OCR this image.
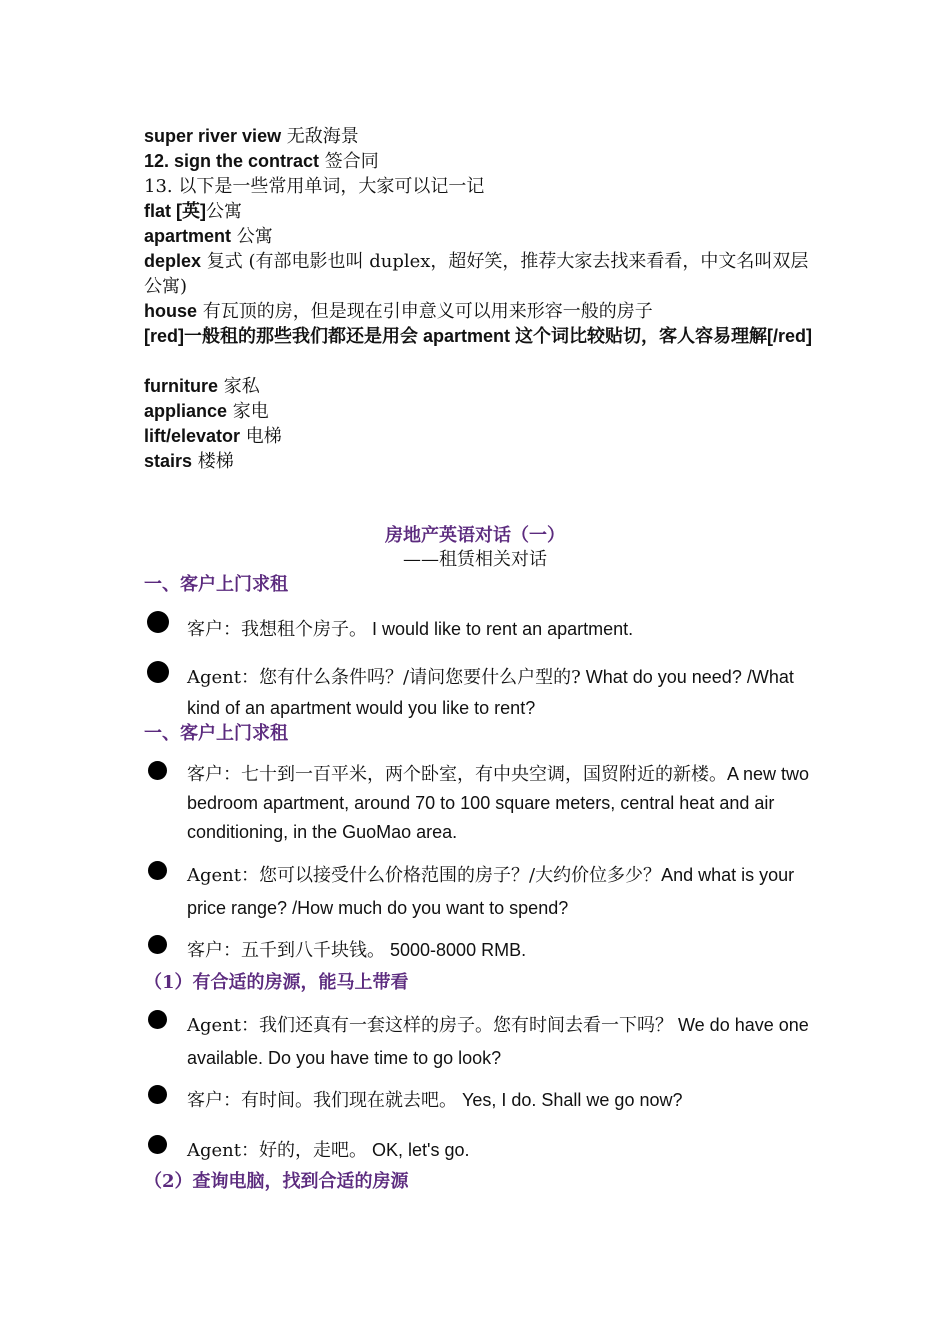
super river view 无敌海景
12. sign the contract 签合同
13. 以下是一些常用单词，大家可以记一记
flat [英]公寓
apartment 公寓
deplex 复式 (有部电影也叫 duplex，超好笑，推荐大家去找来看看，中文名叫双层公寓)
house 有瓦顶的房，但是现在引申意义可以用来形容一般的房子
[red]一般租的那些我们都还是用会 apartment 这个词比较贴切，客人容易理解[/red]
furniture 家私
appliance 家电
lift/elevator 电梯
stairs 楼梯
房地产英语对话（一）
——租赁相关对话
一、客户上门求租
客户：我想租个房子。 I would like to rent an apartment.
Agent：您有什么条件吗？/请问您要什么户型的? What do you need? /What kind of an apartment would you like to rent?
一、客户上门求租
客户：七十到一百平米，两个卧室，有中央空调，国贸附近的新楼。A new two bedroom apartment, around 70 to 100 square meters, central heat and air conditioning, in the GuoMao area.
Agent：您可以接受什么价格范围的房子？/大约价位多少？And what is your price range? /How much do you want to spend?
客户：五千到八千块钱。 5000-8000 RMB.
（1）有合适的房源，能马上带看
Agent：我们还真有一套这样的房子。您有时间去看一下吗？ We do have one available. Do you have time to go look?
客户：有时间。我们现在就去吧。 Yes, I do. Shall we go now?
Agent：好的，走吧。 OK, let's go.
（2）查询电脑，找到合适的房源
